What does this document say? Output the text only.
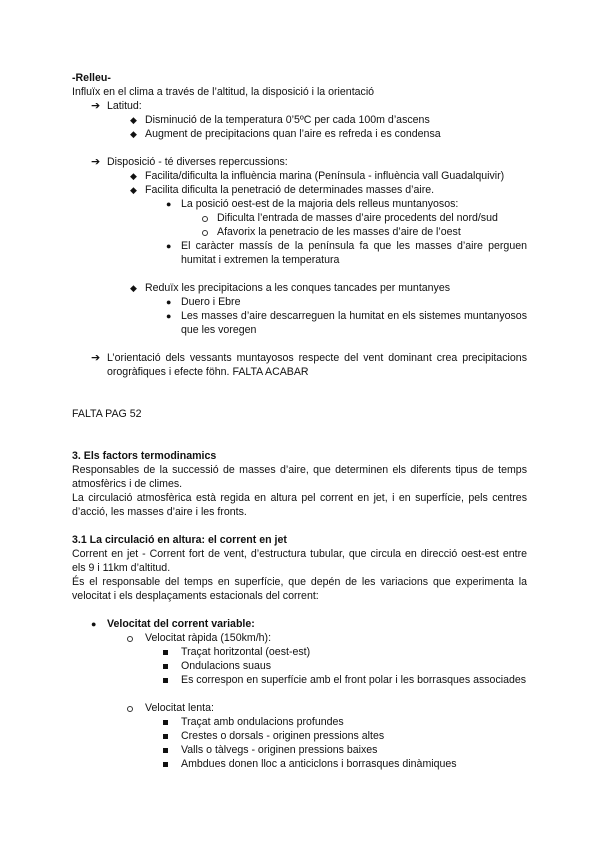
-Relleu-
Influïx en el clima a través de l’altitud, la disposició i la orientació
➔ Latitud:
◆ Disminució de la temperatura 0’5ºC per cada 100m d’ascens
◆ Augment de precipitacions quan l’aire es refreda i es condensa
➔ Disposició - té diverses repercussions:
◆ Facilita/dificulta la influència marina (Península - influència vall Guadalquivir)
◆ Facilita dificulta la penetració de determinades masses d’aire.
● La posició oest-est de la majoria dels relleus muntanyosos:
Dificulta l’entrada de masses d’aire procedents del nord/sud
Afavorix la penetracio de les masses d’aire de l’oest
● El caràcter massís de la península fa que les masses d’aire perguen
humitat i extremen la temperatura
◆ Reduïx les precipitacions a les conques tancades per muntanyes
● Duero i Ebre
● Les masses d’aire descarreguen la humitat en els sistemes muntanyosos
que les voregen
➔ L’orientació dels vessants muntayosos respecte del vent dominant crea precipitacions
orogràfiques i efecte föhn. FALTA ACABAR
FALTA PAG 52
3. Els factors termodinamics
Responsables de la successió de masses d’aire, que determinen els diferents tipus de temps
atmosfèrics i de climes.
La circulació atmosfèrica està regida en altura pel corrent en jet, i en superfície, pels centres
d’acció, les masses d’aire i les fronts.
3.1 La circulació en altura: el corrent en jet
Corrent en jet - Corrent fort de vent, d’estructura tubular, que circula en direcció oest-est entre
els 9 i 11km d’altitud.
És el responsable del temps en superfície, que depén de les variacions que experimenta la
velocitat i els desplaçaments estacionals del corrent:
● Velocitat del corrent variable:
Velocitat ràpida (150km/h):
Traçat horitzontal (oest-est)
Ondulacions suaus
Es correspon en superfície amb el front polar i les borrasques associades
Velocitat lenta:
Traçat amb ondulacions profundes
Crestes o dorsals - originen pressions altes
Valls o tàlvegs - originen pressions baixes
Ambdues donen lloc a anticiclons i borrasques dinàmiques
